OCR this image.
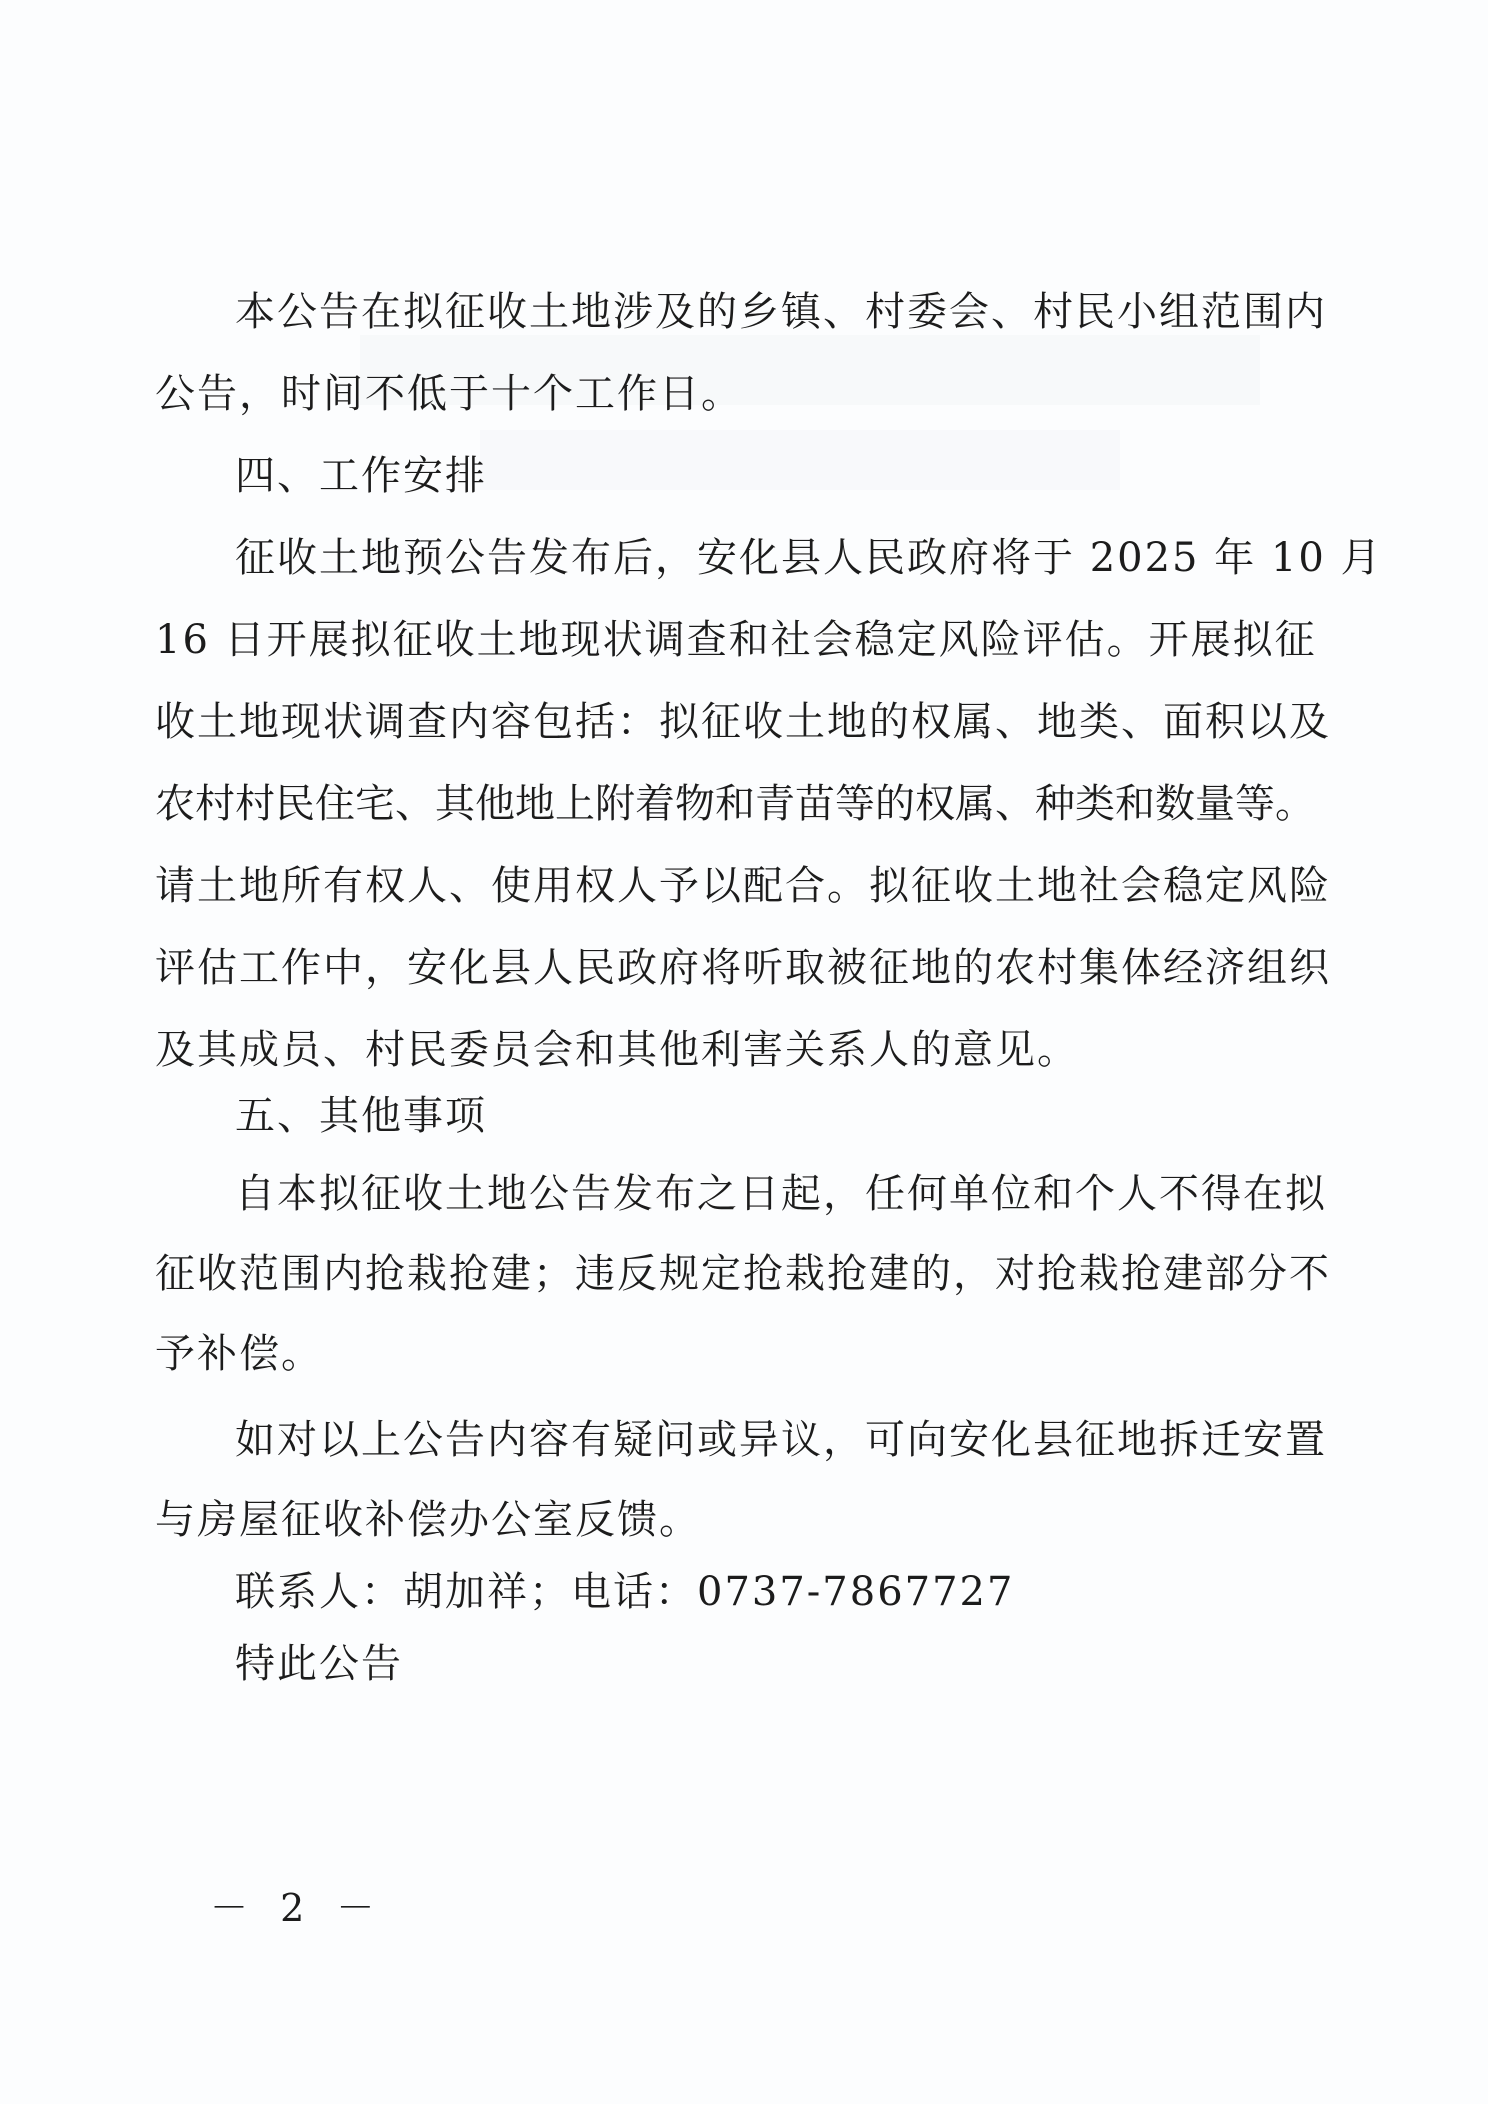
本公告在拟征收土地涉及的乡镇、村委会、村民小组范围内
公告，时间不低于十个工作日。
四、工作安排
征收土地预公告发布后，安化县人民政府将于 2025 年 10 月
16 日开展拟征收土地现状调查和社会稳定风险评估。开展拟征
收土地现状调查内容包括：拟征收土地的权属、地类、面积以及
农村村民住宅、其他地上附着物和青苗等的权属、种类和数量等。
请土地所有权人、使用权人予以配合。拟征收土地社会稳定风险
评估工作中，安化县人民政府将听取被征地的农村集体经济组织
及其成员、村民委员会和其他利害关系人的意见。
五、其他事项
自本拟征收土地公告发布之日起，任何单位和个人不得在拟
征收范围内抢栽抢建；违反规定抢栽抢建的，对抢栽抢建部分不
予补偿。
如对以上公告内容有疑问或异议，可向安化县征地拆迁安置
与房屋征收补偿办公室反馈。
联系人：胡加祥；电话：0737-7867727
特此公告
－ 2 －
